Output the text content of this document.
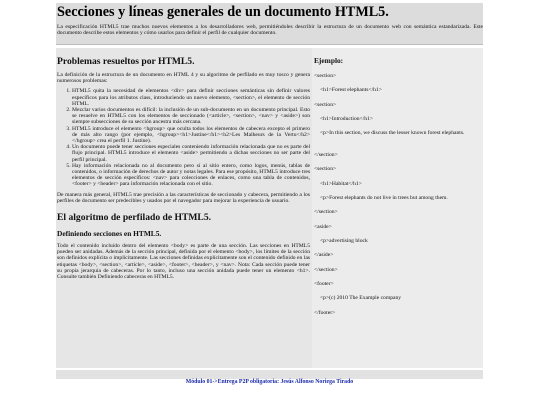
Secciones y líneas generales de un documento HTML5.

La especificación HTML5 trae muchos nuevos elementos a los desarrolladores web, permitiéndoles describir la estructura de un documento web con semántica estandarizada. Este documento describe estos elementos y cómo usarlos para definir el perfil de cualquier documento.

Problemas resueltos por HTML5.

La definición de la estructura de un documento en HTML 4 y su algoritmo de perfilado es muy tosco y genera numerosos problemas:

1. HTML5 quita la necesidad de elementos <div> para definir secciones semánticas sin definir valores específicos para los atributos class, introduciendo un nuevo elemento, <section>, el elemento de sección HTML.
2. Mezclar varios documentos es difícil: la inclusión de un sub-documento en un documento principal. Esto se resuelve en HTML5 con los elementos de seccionado (<article>, <section>, <nav> y <aside>) son siempre subsecciones de su sección ancestra más cercana.
3. HTML5 introduce el elemento <hgroup> que oculta todos los elementos de cabecera excepto el primero de más alto rango (por ejemplo, <hgroup><h1>Justine</h1><h2>Les Malheurs de la Vertu</h2></hgroup> crea el perfil 1. Justine).
4. Un documento puede tener secciones especiales conteniendo información relacionada que no es parte del flujo principal. HTML5 introduce el elemento <aside> permitiendo a dichas secciones no ser parte del perfil principal.
5. Hay información relacionada no al documento pero sí al sitio entero, como logos, menús, tablas de contenidos, o información de derechos de autor y notas legales. Para ese propósito, HTML5 introduce tres elementos de sección específicos: <nav> para colecciones de enlaces, como una tabla de contenidos, <footer> y <header> para información relacionada con el sitio.

De manera más general, HTML5 trae precisión a las características de seccionado y cabecera, permitiendo a los perfiles de documento ser predecibles y usados por el navegador para mejorar la experiencia de usuario.

El algoritmo de perfilado de HTML5.
Definiendo secciones en HTML5.

Todo el contenido incluido dentro del elemento <body> es parte de una sección. Las secciones en HTML5 pueden ser anidadas. Además de la sección principal, definida por el elemento <body>, los límites de la sección son definidos explícita o implícitamente. Las secciones definidas explícitamente son el contenido definido en las etiquetas <body>, <section>, <article>, <aside>, <footer>, <header>, y <nav>. Nota: Cada sección puede tener su propia jerarquía de cabeceras. Por lo tanto, incluso una sección anidada puede tener un elemento <h1>. Consulte también Definiendo cabeceras en HTML5.

Ejemplo:
<section>
<h1>Forest elephants</h1>
<section>
<h1>Introduction</h1>
<p>In this section, we discuss the lesser known forest elephants.
</section>
<section>
<h1>Habitat</h1>
<p>Forest elephants do not live in trees but among them.
</section>
<aside>
<p>advertising block
</aside>
</section>
<footer>
<p>(c) 2010 The Example company
</footer>
Módulo 01->Entrega P2P obligatoria: Jesús Alfonso Noriega Tirado
